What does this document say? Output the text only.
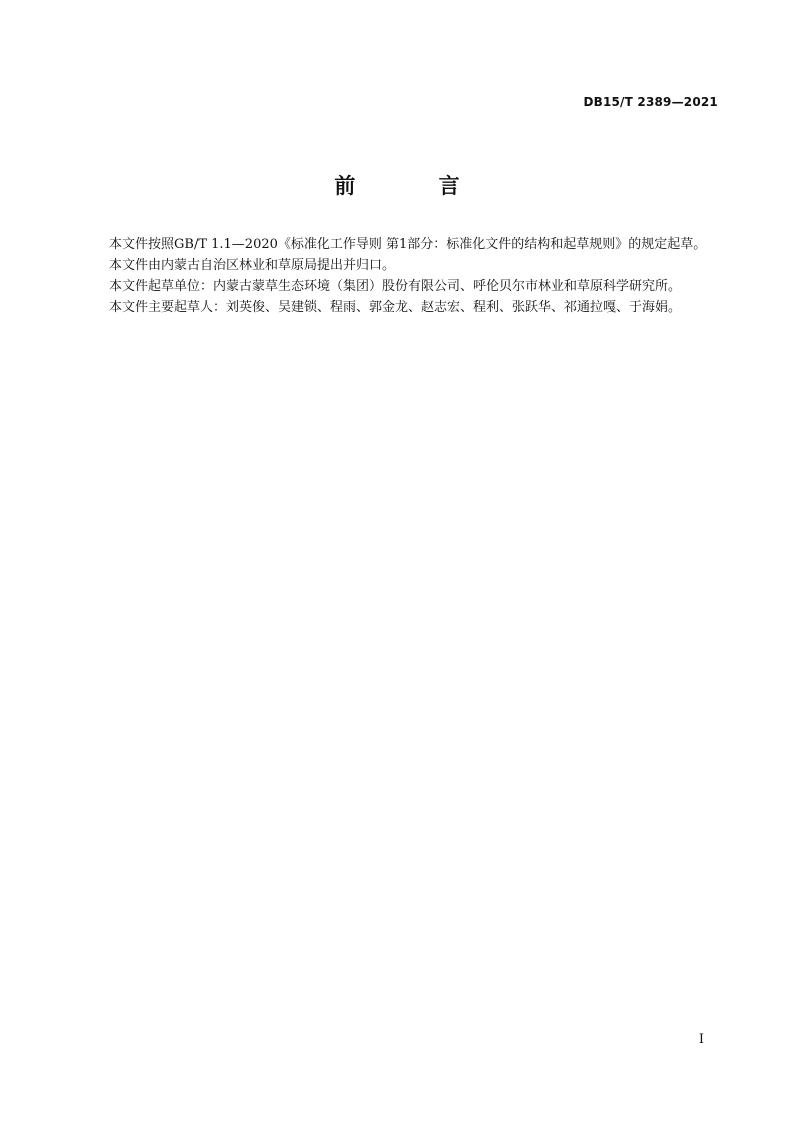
DB15/T 2389—2021
前 言

本文件按照GB/T 1.1—2020《标准化工作导则 第1部分：标准化文件的结构和起草规则》的规定起草。

本文件由内蒙古自治区林业和草原局提出并归口。

本文件起草单位：内蒙古蒙草生态环境（集团）股份有限公司、呼伦贝尔市林业和草原科学研究所。

本文件主要起草人：刘英俊、吴建锁、程雨、郭金龙、赵志宏、程利、张跃华、祁通拉嘎、于海娟。

I
